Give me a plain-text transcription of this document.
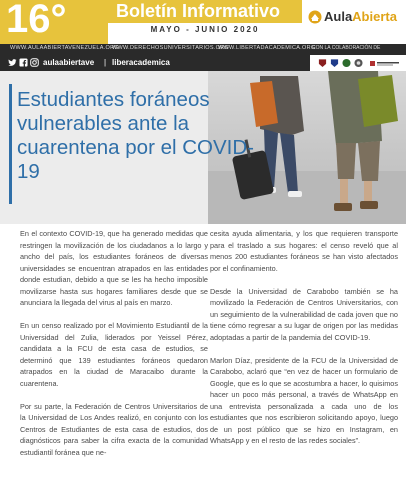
16°	Boletín Informativo
MAYO - JUNIO 2020
AulaAbierta
WWW.AULAABIERTAVENEZUELA.ORG
WWW.DERECHOSUNIVERSITARIOS.ORG
WWW.LIBERTADACADEMICA.ORG
CON LA COLABORACIÓN DE
aulaabiertave | liberacademica
Estudiantes foráneos vulnerables ante la cuarentena por el COVID-19

En el contexto COVID-19, que ha generado medidas que restringen la movilización de los ciudadanos a lo largo y ancho del país, los estudiantes foráneos de diversas universidades se encuentran atrapados en las entidades donde estudian, debido a que se les ha hecho imposible movilizarse hasta sus hogares familiares desde que se anunciara la llegada del virus al país en marzo.

En un censo realizado por el Movimiento Estudiantil de la Universidad del Zulia, liderados por Yeissel Pérez, candidata a la FCU de esta casa de estudios, se determinó que 139 estudiantes foráneos quedaron atrapados en la ciudad de Maracaibo durante la cuarentena.

Por su parte, la Federación de Centros Universitarios de la Universidad de Los Andes realizó, en conjunto con los Centros de Estudiantes de esta casa de estudios, dos diagnósticos para saber la cifra exacta de la comunidad estudiantil foránea que ne-

cesita ayuda alimentaria, y los que requieren transporte para el traslado a sus hogares: el censo reveló que al menos 200 estudiantes foráneos se han visto afectados por el confinamiento.

Desde la Universidad de Carabobo también se ha movilizado la Federación de Centros Universitarios, con un seguimiento de la vulnerabilidad de cada joven que no tiene cómo regresar a su lugar de origen por las medidas adoptadas a partir de la pandemia del COVID-19.

Marlon Díaz, presidente de la FCU de la Universidad de Carabobo, aclaró que “en vez de hacer un formulario de Google, que es lo que se acostumbra a hacer, lo quisimos hacer un poco más personal, a través de WhatsApp en una entrevista personalizada a cada uno de los estudiantes que nos escribieron solicitando apoyo, luego de un post público que se hizo en Instagram, en WhatsApp y en el resto de las redes sociales”.
